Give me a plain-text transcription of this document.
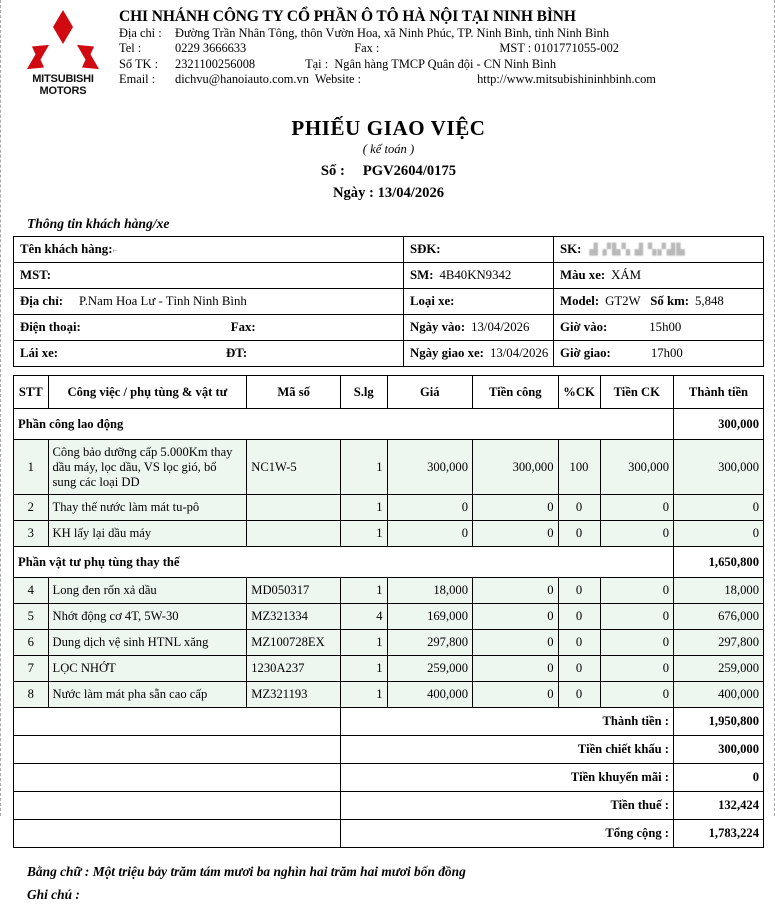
MITSUBISHI
MOTORS
CHI NHÁNH CÔNG TY CỔ PHẦN Ô TÔ HÀ NỘI TẠI NINH BÌNH
Địa chỉ : Đường Trần Nhân Tông, thôn Vườn Hoa, xã Ninh Phúc, TP. Ninh Bình, tỉnh Ninh Bình
Tel :	0229 3666633	Fax :	MST : 0101771055-002
Số TK : 2321100256008	Tại : Ngân hàng TMCP Quân đội - CN Ninh Bình
Email : dichvu@hanoiauto.com.vn Website :	http://www.mitsubishininhbinh.com
PHIẾU GIAO VIỆC
( kế toán )
Số : PGV2604/0175
Ngày : 13/04/2026
Thông tin khách hàng/xe
Tên khách hàng:⌐	SĐK:	SK: ▟ ▞▙▚ ▟ ▚▞▟▙
MST:	SM: 4B40KN9342	Màu xe: XÁM
Địa chỉ: P.Nam Hoa Lư - Tỉnh Ninh Bình	Loại xe:	Model: GT2W Số km: 5,848
Điện thoại: Fax:	Ngày vào: 13/04/2026	Giờ vào: 15h00
Lái xe: ĐT:	Ngày giao xe: 13/04/2026	Giờ giao: 17h00
STT	Công việc / phụ tùng & vật tư	Mã số	S.lg	Giá	Tiền công	%CK	Tiền CK	Thành tiền
Phần công lao động								300,000
1	Công bảo dưỡng cấp 5.000Km thay dầu máy, lọc dầu, VS lọc gió, bổ sung các loại DD	NC1W-5	1	300,000	300,000	100	300,000	300,000
2	Thay thế nước làm mát tu-pô		1	0	0	0	0	0
3	KH lấy lại dầu máy		1	0	0	0	0	0
Phần vật tư phụ tùng thay thế								1,650,800
4	Long đen rốn xả dầu	MD050317	1	18,000	0	0	0	18,000
5	Nhớt động cơ 4T, 5W-30	MZ321334	4	169,000	0	0	0	676,000
6	Dung dịch vệ sinh HTNL xăng	MZ100728EX	1	297,800	0	0	0	297,800
7	LỌC NHỚT	1230A237	1	259,000	0	0	0	259,000
8	Nước làm mát pha sẵn cao cấp	MZ321193	1	400,000	0	0	0	400,000
			Thành tiền :					1,950,800
			Tiền chiết khấu :					300,000
			Tiền khuyến mãi :					0
			Tiền thuế :					132,424
			Tổng cộng :					1,783,224
Bằng chữ : Một triệu bảy trăm tám mươi ba nghìn hai trăm hai mươi bốn đồng
Ghi chú :
